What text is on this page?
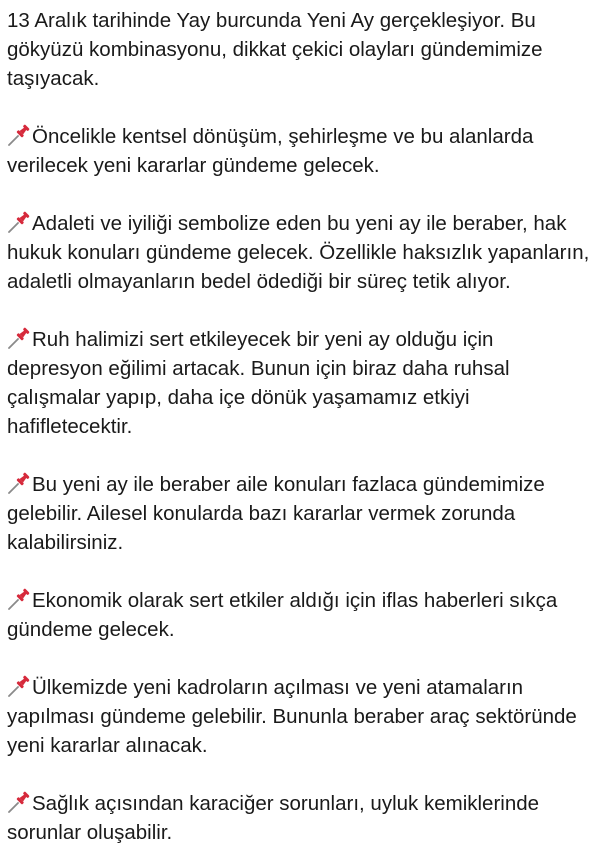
13 Aralık tarihinde Yay burcunda Yeni Ay gerçekleşiyor. Bu gökyüzü kombinasyonu, dikkat çekici olayları gündemimize taşıyacak.

Öncelikle kentsel dönüşüm, şehirleşme ve bu alanlarda verilecek yeni kararlar gündeme gelecek.

Adaleti ve iyiliği sembolize eden bu yeni ay ile beraber, hak hukuk konuları gündeme gelecek. Özellikle haksızlık yapanların, adaletli olmayanların bedel ödediği bir süreç tetik alıyor.

Ruh halimizi sert etkileyecek bir yeni ay olduğu için depresyon eğilimi artacak. Bunun için biraz daha ruhsal çalışmalar yapıp, daha içe dönük yaşamamız etkiyi hafifletecektir.

Bu yeni ay ile beraber aile konuları fazlaca gündemimize gelebilir. Ailesel konularda bazı kararlar vermek zorunda kalabilirsiniz.

Ekonomik olarak sert etkiler aldığı için iflas haberleri sıkça gündeme gelecek.

Ülkemizde yeni kadroların açılması ve yeni atamaların yapılması gündeme gelebilir. Bununla beraber araç sektöründe yeni kararlar alınacak.

Sağlık açısından karaciğer sorunları, uyluk kemiklerinde sorunlar oluşabilir.
